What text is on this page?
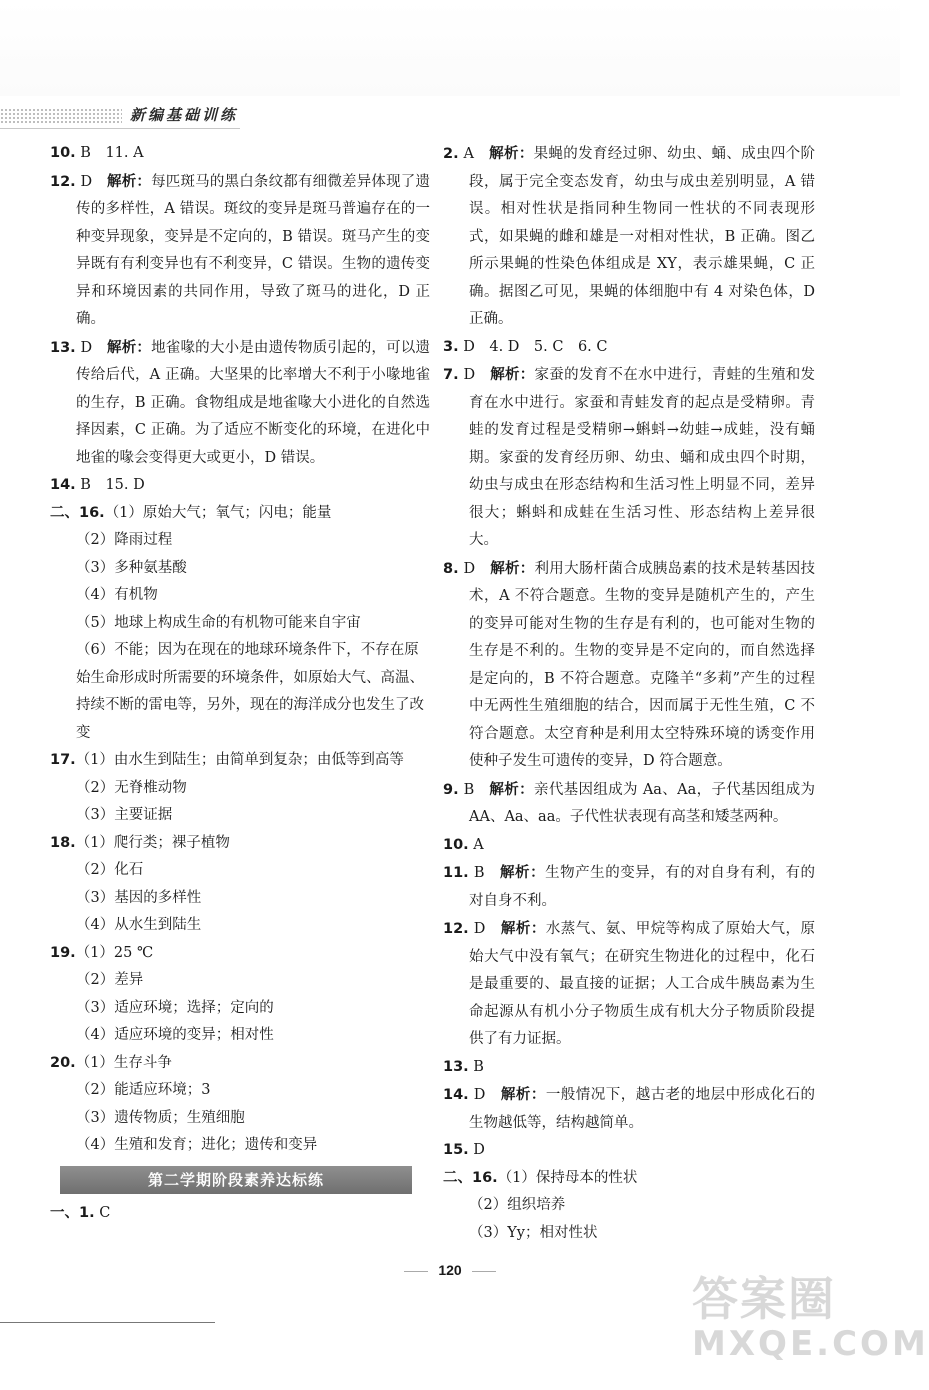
新编基础训练

10. B　11. A

12. D　解析：每匹斑马的黑白条纹都有细微差异体现了遗传的多样性，A 错误。斑纹的变异是斑马普遍存在的一种变异现象，变异是不定向的，B 错误。斑马产生的变异既有有利变异也有不利变异，C 错误。生物的遗传变异和环境因素的共同作用，导致了斑马的进化，D 正确。

13. D　解析：地雀喙的大小是由遗传物质引起的，可以遗传给后代，A 正确。大坚果的比率增大不利于小喙地雀的生存，B 正确。食物组成是地雀喙大小进化的自然选择因素，C 正确。为了适应不断变化的环境，在进化中地雀的喙会变得更大或更小，D 错误。

14. B　15. D

二、16.（1）原始大气；氧气；闪电；能量

（2）降雨过程
（3）多种氨基酸
（4）有机物
（5）地球上构成生命的有机物可能来自宇宙
（6）不能；因为在现在的地球环境条件下，不存在原始生命形成时所需要的环境条件，如原始大气、高温、持续不断的雷电等，另外，现在的海洋成分也发生了改变

17.（1）由水生到陆生；由简单到复杂；由低等到高等

（2）无脊椎动物
（3）主要证据

18.（1）爬行类；裸子植物

（2）化石
（3）基因的多样性
（4）从水生到陆生

19.（1）25 ℃

（2）差异
（3）适应环境；选择；定向的
（4）适应环境的变异；相对性

20.（1）生存斗争

（2）能适应环境；3
（3）遗传物质；生殖细胞
（4）生殖和发育；进化；遗传和变异
第二学期阶段素养达标练

一、1. C

2. A　解析：果蝇的发育经过卵、幼虫、蛹、成虫四个阶段，属于完全变态发育，幼虫与成虫差别明显，A 错误。相对性状是指同种生物同一性状的不同表现形式，如果蝇的雌和雄是一对相对性状，B 正确。图乙所示果蝇的性染色体组成是 XY，表示雄果蝇，C 正确。据图乙可见，果蝇的体细胞中有 4 对染色体，D 正确。

3. D　4. D　5. C　6. C

7. D　解析：家蚕的发育不在水中进行，青蛙的生殖和发育在水中进行。家蚕和青蛙发育的起点是受精卵。青蛙的发育过程是受精卵→蝌蚪→幼蛙→成蛙，没有蛹期。家蚕的发育经历卵、幼虫、蛹和成虫四个时期，幼虫与成虫在形态结构和生活习性上明显不同，差异很大；蝌蚪和成蛙在生活习性、形态结构上差异很大。

8. D　解析：利用大肠杆菌合成胰岛素的技术是转基因技术，A 不符合题意。生物的变异是随机产生的，产生的变异可能对生物的生存是有利的，也可能对生物的生存是不利的。生物的变异是不定向的，而自然选择是定向的，B 不符合题意。克隆羊“多莉”产生的过程中无两性生殖细胞的结合，因而属于无性生殖，C 不符合题意。太空育种是利用太空特殊环境的诱变作用使种子发生可遗传的变异，D 符合题意。

9. B　解析：亲代基因组成为 Aa、Aa，子代基因组成为 AA、Aa、aa。子代性状表现有高茎和矮茎两种。

10. A

11. B　解析：生物产生的变异，有的对自身有利，有的对自身不利。

12. D　解析：水蒸气、氨、甲烷等构成了原始大气，原始大气中没有氧气；在研究生物进化的过程中，化石是最重要的、最直接的证据；人工合成牛胰岛素为生命起源从有机小分子物质生成有机大分子物质阶段提供了有力证据。

13. B

14. D　解析：一般情况下，越古老的地层中形成化石的生物越低等，结构越简单。

15. D

二、16.（1）保持母本的性状

（2）组织培养
（3）Yy；相对性状
120
答案圈
MXQE.COM
